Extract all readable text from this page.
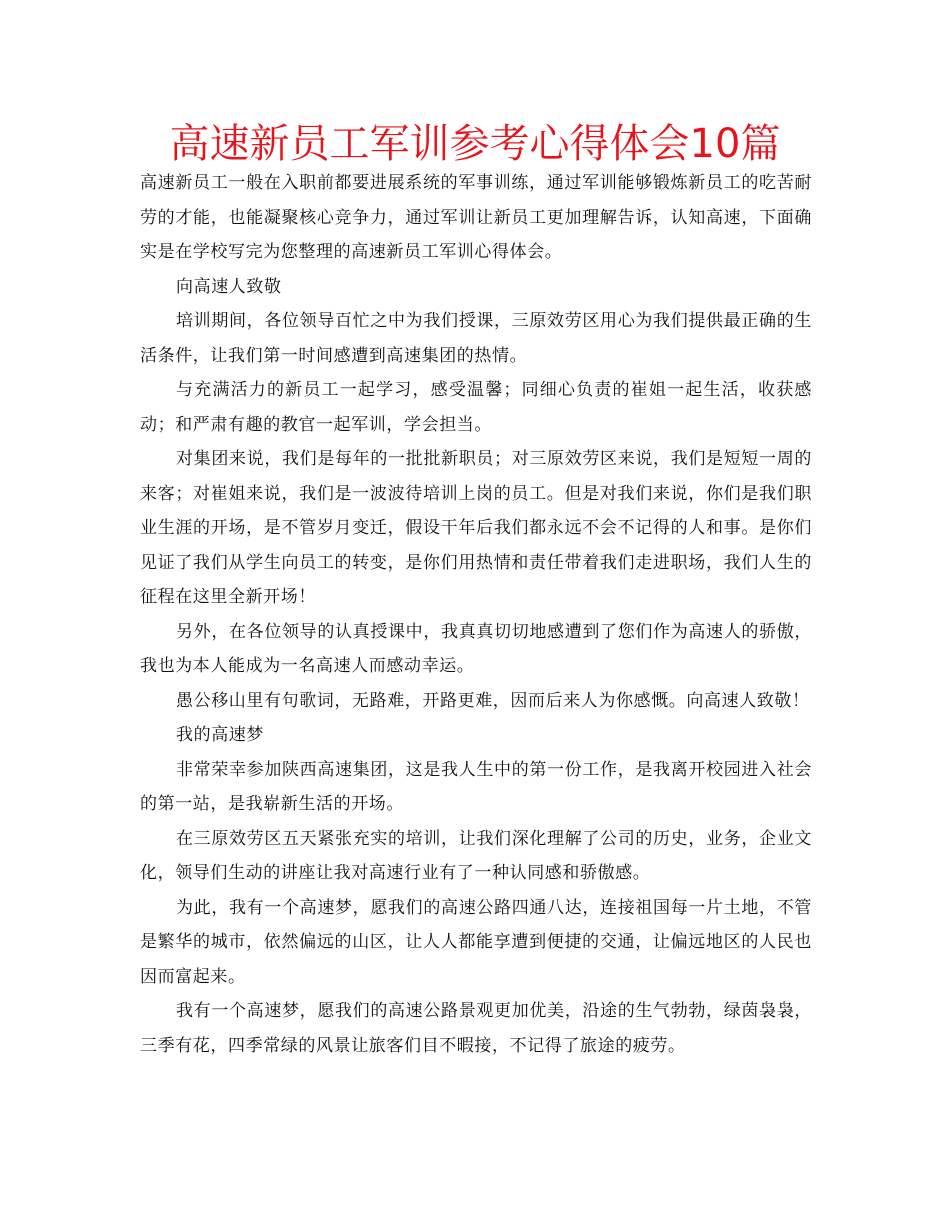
高速新员工军训参考心得体会10篇

高速新员工一般在入职前都要进展系统的军事训练，通过军训能够锻炼新员工的吃苦耐劳的才能，也能凝聚核心竞争力，通过军训让新员工更加理解告诉，认知高速，下面确实是在学校写完为您整理的高速新员工军训心得体会。

向高速人致敬

培训期间，各位领导百忙之中为我们授课，三原效劳区用心为我们提供最正确的生活条件，让我们第一时间感遭到高速集团的热情。

与充满活力的新员工一起学习，感受温馨；同细心负责的崔姐一起生活，收获感动；和严肃有趣的教官一起军训，学会担当。

对集团来说，我们是每年的一批批新职员；对三原效劳区来说，我们是短短一周的来客；对崔姐来说，我们是一波波待培训上岗的员工。但是对我们来说，你们是我们职业生涯的开场，是不管岁月变迁，假设干年后我们都永远不会不记得的人和事。是你们见证了我们从学生向员工的转变，是你们用热情和责任带着我们走进职场，我们人生的征程在这里全新开场！

另外，在各位领导的认真授课中，我真真切切地感遭到了您们作为高速人的骄傲，我也为本人能成为一名高速人而感动幸运。

愚公移山里有句歌词，无路难，开路更难，因而后来人为你感慨。向高速人致敬！

我的高速梦

非常荣幸参加陕西高速集团，这是我人生中的第一份工作，是我离开校园进入社会的第一站，是我崭新生活的开场。

在三原效劳区五天紧张充实的培训，让我们深化理解了公司的历史，业务，企业文化，领导们生动的讲座让我对高速行业有了一种认同感和骄傲感。

为此，我有一个高速梦，愿我们的高速公路四通八达，连接祖国每一片土地，不管是繁华的城市，依然偏远的山区，让人人都能享遭到便捷的交通，让偏远地区的人民也因而富起来。

我有一个高速梦，愿我们的高速公路景观更加优美，沿途的生气勃勃，绿茵袅袅，三季有花，四季常绿的风景让旅客们目不暇接，不记得了旅途的疲劳。
